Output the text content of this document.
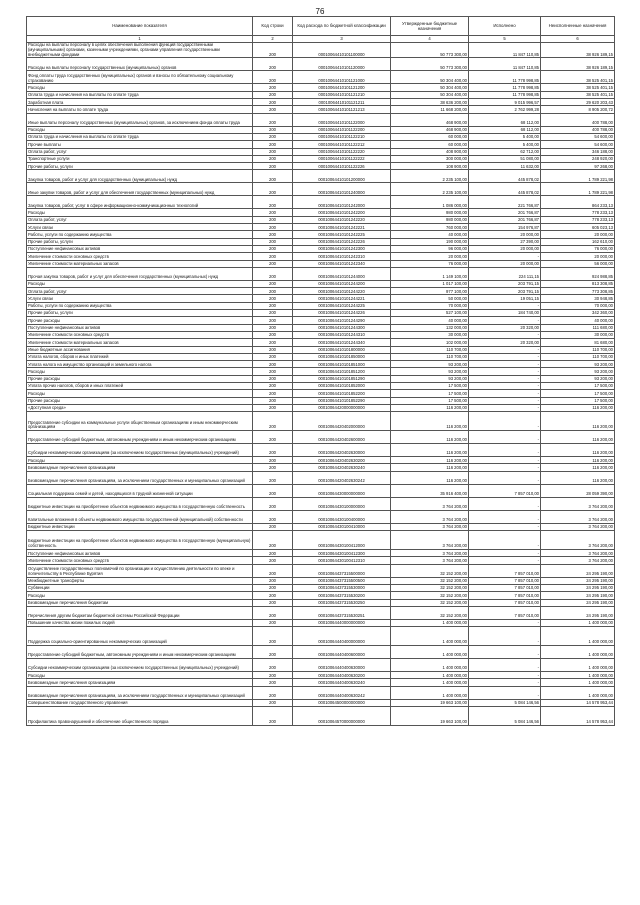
76
Наименование показателя	Код строки	Код расхода по бюджетной классификации	Утвержденные бюджетные назначения	Исполнено	Неисполненные назначения
1	2	3	4	5	6
Расходы на выплаты персоналу в целях обеспечения выполнения функций государственными (муниципальными) органами, казенными учреждениями, органами управления государственными внебюджетными фондами	200	00010064410101100000	50 773 300,00	11 847 110,85	38 926 189,15
Расходы на выплаты персоналу государственных (муниципальных) органов	200	00010064410101120000	50 773 300,00	11 847 110,85	38 926 189,15
Фонд оплаты труда государственных (муниципальных) органов и взносы по обязательному социальному страхованию	200	00010064410101121000	50 304 400,00	11 778 998,85	38 525 401,15
Расходы	200	00010064410101121200	50 304 400,00	11 778 998,85	38 525 401,15
Оплата труда и начисления на выплаты по оплате труда	200	00010064410101121210	50 304 400,00	11 778 998,85	38 525 401,15
Заработная плата	200	00010064410101121211	38 636 200,00	9 015 996,57	29 620 203,43
Начисления на выплаты по оплате труда	200	00010064410101121213	11 668 200,00	2 762 999,28	8 905 200,72
Иные выплаты персоналу государственных (муниципальных) органов, за исключением фонда оплаты труда	200	00010064410101122000	468 900,00	68 112,00	400 788,00
Расходы	200	00010064410101122200	468 900,00	68 112,00	400 788,00
Оплата труда и начисления на выплаты по оплате труда	200	00010064410101122210	60 000,00	5 400,00	54 600,00
Прочие выплаты	200	00010064410101122212	60 000,00	5 400,00	54 600,00
Оплата работ, услуг	200	00010064410101122220	408 900,00	62 712,00	346 188,00
Транспортные услуги	200	00010064410101122222	300 000,00	51 080,00	248 920,00
Прочие работы, услуги	200	00010064410101122226	108 900,00	11 632,00	97 268,00
Закупка товаров, работ и услуг для государственных (муниципальных) нужд	200	00010064410101200000	2 235 100,00	445 878,02	1 789 221,98
Иные закупки товаров, работ и услуг для обеспечения государственных (муниципальных) нужд	200	00010064410101240000	2 235 100,00	445 878,02	1 789 221,98
Закупка товаров, работ, услуг в сфере информационно-коммуникационных технологий	200	00010064410101242000	1 086 000,00	221 766,87	864 233,13
Расходы	200	00010064410101242200	980 000,00	201 766,87	778 233,13
Оплата работ, услуг	200	00010064410101242220	980 000,00	201 766,87	778 233,13
Услуги связи	200	00010064410101242221	760 000,00	154 976,87	605 023,13
Работы, услуги по содержанию имущества	200	00010064410101242225	40 000,00	20 000,00	20 000,00
Прочие работы, услуги	200	00010064410101242226	190 000,00	27 390,00	162 610,00
Поступление нефинансовых активов	200	00010064410101242300	96 000,00	20 000,00	76 000,00
Увеличение стоимости основных средств	200	00010064410101242310	20 000,00	-	20 000,00
Увеличение стоимости материальных запасов	200	00010064410101242340	76 000,00	20 000,00	56 000,00
Прочая закупка товаров, работ и услуг для обеспечения государственных (муниципальных) нужд	200	00010064410101244000	1 149 100,00	224 111,15	924 988,85
Расходы	200	00010064410101244200	1 017 100,00	203 791,15	813 308,85
Оплата работ, услуг	200	00010064410101244220	977 100,00	203 791,15	773 308,85
Услуги связи	200	00010064410101244221	50 000,00	19 051,15	30 948,85
Работы, услуги по содержанию имущества	200	00010064410101244225	70 000,00	-	70 000,00
Прочие работы, услуги	200	00010064410101244226	527 100,00	184 740,00	342 360,00
Прочие расходы	200	00010064410101244290	40 000,00	-	40 000,00
Поступление нефинансовых активов	200	00010064410101244300	132 000,00	20 320,00	111 680,00
Увеличение стоимости основных средств	200	00010064410101244310	30 000,00	-	30 000,00
Увеличение стоимости материальных запасов	200	00010064410101244340	102 000,00	20 320,00	81 680,00
Иные бюджетные ассигнования	200	00010064410101800000	110 700,00	-	110 700,00
Уплата налогов, сборов и иных платежей	200	00010064410101850000	110 700,00	-	110 700,00
Уплата налога на имущество организаций и земельного налога	200	00010064410101851000	93 200,00	-	93 200,00
Расходы	200	00010064410101851200	93 200,00	-	93 200,00
Прочие расходы	200	00010064410101851290	93 200,00	-	93 200,00
Уплата прочих налогов, сборов и иных платежей	200	00010064410101852000	17 500,00	-	17 500,00
Расходы	200	00010064410101852200	17 500,00	-	17 500,00
Прочие расходы	200	00010064410101852290	17 500,00	-	17 500,00
«Доступная среда»	200	00010064420000000000	116 200,00	-	116 200,00
Предоставление субсидии на коммунальные услуги общественным организациям и иным некоммерческим организациям	200	00010064420402000000	116 200,00	-	116 200,00
Предоставление субсидий бюджетным, автономным учреждениям и иным некоммерческим организациям	200	00010064420402600000	116 200,00	-	116 200,00
Субсидии некоммерческим организациям (за исключением государственных (муниципальных) учреждений)	200	00010064420402630000	116 200,00	-	116 200,00
Расходы	200	00010064420402630200	116 200,00	-	116 200,00
Безвозмездные перечисления организациям	200	00010064420402630240	116 200,00	-	116 200,00
Безвозмездные перечисления организациям, за исключением государственных и муниципальных организаций	200	00010064420402630242	116 200,00	-	116 200,00
Социальная поддержка семей и детей, находящихся в трудной жизненной ситуации	200	00010064430000000000	35 916 400,00	7 857 010,00	28 059 390,00
Бюджетные инвестиции на приобретение объектов недвижимого имущества в государственную собственность	200	00010064430100000000	3 764 200,00	-	3 764 200,00
Капитальные вложения в объекты недвижимого имущества государственной (муниципальной) собственности	200	00010064430100400000	3 764 200,00	-	3 764 200,00
Бюджетные инвестиции	200	00010064430100410000	3 764 200,00	-	3 764 200,00
Бюджетные инвестиции на приобретение объектов недвижимого имущества в государственную (муниципальную) собственность	200	00010064430100412000	3 764 200,00	-	3 764 200,00
Поступление нефинансовых активов	200	00010064430100412300	3 764 200,00	-	3 764 200,00
Увеличение стоимости основных средств	200	00010064430100412310	3 764 200,00	-	3 764 200,00
Осуществление государственных полномочий по организации и осуществлению деятельности по опеке и попечительству в Республике Бурятия	200	00010064437315500000	32 152 200,00	7 857 010,00	24 295 190,00
Межбюджетные трансферты	200	00010064437315500500	32 152 200,00	7 857 010,00	24 295 190,00
Субвенции	200	00010064437315530000	32 152 200,00	7 857 010,00	24 295 190,00
Расходы	200	00010064437315530200	32 152 200,00	7 857 010,00	24 295 190,00
Безвозмездные перечисления бюджетам	200	00010064437315530250	32 152 200,00	7 857 010,00	24 295 190,00
Перечисления другим бюджетам бюджетной системы Российской Федерации	200	00010064437315530251	32 152 200,00	7 857 010,00	24 295 190,00
Повышение качества жизни пожилых людей	200	00010064440000000000	1 400 000,00	-	1 400 000,00
Поддержка социально-ориентированных некоммерческих организаций	200	00010064440400000000	1 400 000,00	-	1 400 000,00
Предоставление субсидий бюджетным, автономным учреждениям и иным некоммерческим организациям	200	00010064440400600000	1 400 000,00	-	1 400 000,00
Субсидии некоммерческим организациям (за исключением государственных (муниципальных) учреждений)	200	00010064440400630000	1 400 000,00	-	1 400 000,00
Расходы	200	00010064440400630200	1 400 000,00	-	1 400 000,00
Безвозмездные перечисления организациям	200	00010064440400630240	1 400 000,00	-	1 400 000,00
Безвозмездные перечисления организациям, за исключением государственных и муниципальных организаций	200	00010064440400630242	1 400 000,00	-	1 400 000,00
Совершенствование государственного управления	200	00010064500000000000	19 663 100,00	5 084 146,56	14 578 953,44
Профилактика правонарушений и обеспечение общественного порядка	200	00010064570000000000	19 663 100,00	5 084 146,56	14 578 953,44
